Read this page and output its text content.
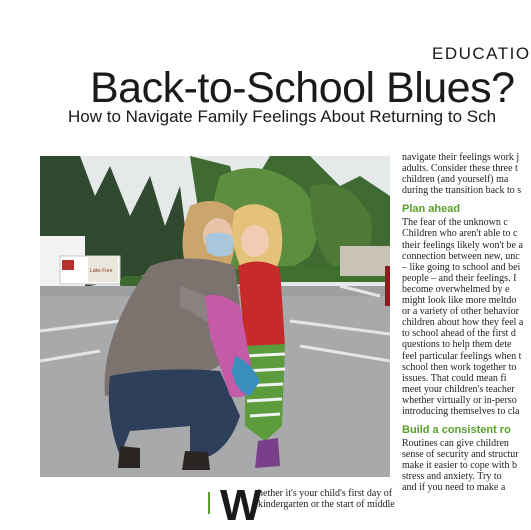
EDUCATIO
Back-to-School Blues?
How to Navigate Family Feelings About Returning to Sch
Lake Fore
navigate their feelings work j
adults. Consider these three t
children (and yourself) ma
during the transition back to s
Plan ahead
The fear of the unknown c
Children who aren't able to c
their feelings likely won't be a
connection between new, unc
– like going to school and bei
people – and their feelings. I
become overwhelmed by e
might look like more meltdo
or a variety of other behavior
children about how they feel a
to school ahead of the first d
questions to help them dete
feel particular feelings when t
school then work together to
issues. That could mean fi
meet your children's teacher
whether virtually or in-perso
introducing themselves to cla
Build a consistent ro
Routines can give children
sense of security and structur
make it easier to cope with b
stress and anxiety. Try to
and if you need to make a
W
hether it's your child's first day of
kindergarten or the start of middle
